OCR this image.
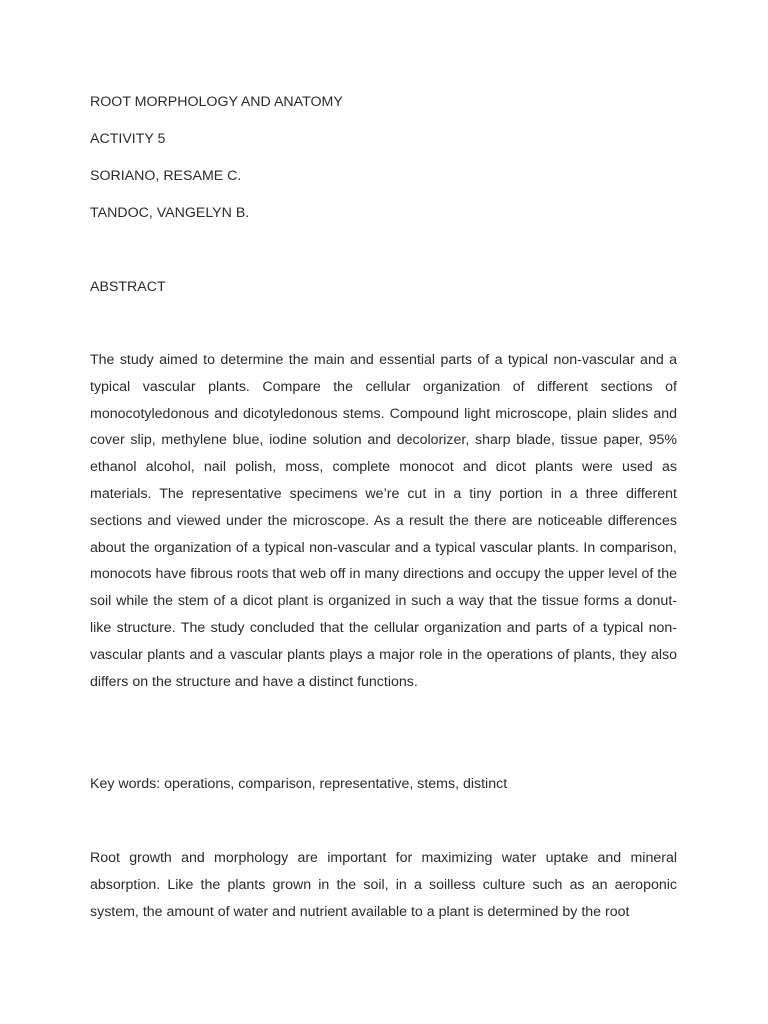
ROOT MORPHOLOGY AND ANATOMY

ACTIVITY 5

SORIANO, RESAME C.

TANDOC, VANGELYN B.

ABSTRACT

The study aimed to determine the main and essential parts of a typical non-vascular and a typical vascular plants. Compare the cellular organization of different sections of monocotyledonous and dicotyledonous stems. Compound light microscope, plain slides and cover slip, methylene blue, iodine solution and decolorizer, sharp blade, tissue paper, 95% ethanol alcohol, nail polish, moss, complete monocot and dicot plants were used as materials. The representative specimens we’re cut in a tiny portion in a three different sections and viewed under the microscope. As a result the there are noticeable differences about the organization of a typical non-vascular and a typical vascular plants. In comparison, monocots have fibrous roots that web off in many directions and occupy the upper level of the soil while the stem of a dicot plant is organized in such a way that the tissue forms a donut-like structure. The study concluded that the cellular organization and parts of a typical non-vascular plants and a vascular plants plays a major role in the operations of plants, they also differs on the structure and have a distinct functions.

Key words: operations, comparison, representative, stems, distinct

Root growth and morphology are important for maximizing water uptake and mineral absorption. Like the plants grown in the soil, in a soilless culture such as an aeroponic system, the amount of water and nutrient available to a plant is determined by the root
